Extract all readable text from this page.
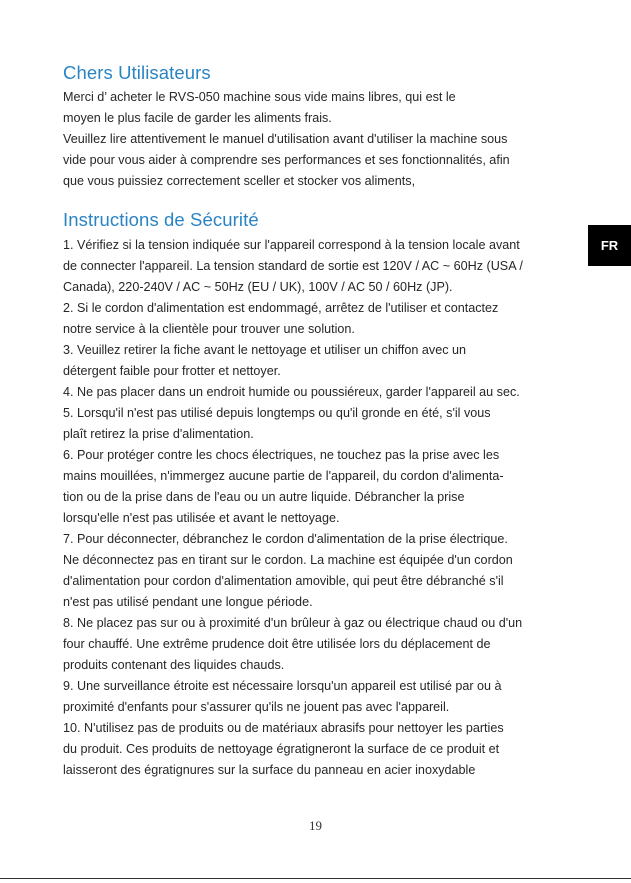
Chers Utilisateurs

Merci d’ acheter le RVS-050 machine sous vide mains libres, qui est le

moyen le plus facile de garder les aliments frais.

Veuillez lire attentivement le manuel d'utilisation avant d'utiliser la machine sous

vide pour vous aider à comprendre ses performances et ses fonctionnalités, afin

que vous puissiez correctement sceller et stocker vos aliments,

Instructions de Sécurité

1. Vérifiez si la tension indiquée sur l'appareil correspond à la tension locale avant

de connecter l'appareil. La tension standard de sortie est 120V / AC ~ 60Hz (USA /

Canada), 220-240V / AC ~ 50Hz (EU / UK), 100V / AC 50 / 60Hz (JP).

2. Si le cordon d'alimentation est endommagé, arrêtez de l'utiliser et contactez

notre service à la clientèle pour trouver une solution.

3. Veuillez retirer la fiche avant le nettoyage et utiliser un chiffon avec un

détergent faible pour frotter et nettoyer.

4. Ne pas placer dans un endroit humide ou poussiéreux, garder l'appareil au sec.

5. Lorsqu'il n'est pas utilisé depuis longtemps ou qu'il gronde en été, s'il vous

plaît retirez la prise d'alimentation.

6. Pour protéger contre les chocs électriques, ne touchez pas la prise avec les

mains mouillées, n'immergez aucune partie de l'appareil, du cordon d'alimenta-

tion ou de la prise dans de l'eau ou un autre liquide. Débrancher la prise

lorsqu'elle n'est pas utilisée et avant le nettoyage.

7. Pour déconnecter, débranchez le cordon d'alimentation de la prise électrique.

Ne déconnectez pas en tirant sur le cordon. La machine est équipée d'un cordon

d'alimentation pour cordon d'alimentation amovible, qui peut être débranché s'il

n'est pas utilisé pendant une longue période.

8. Ne placez pas sur ou à proximité d'un brûleur à gaz ou électrique chaud ou d'un

four chauffé. Une extrême prudence doit être utilisée lors du déplacement de

produits contenant des liquides chauds.

9. Une surveillance étroite est nécessaire lorsqu'un appareil est utilisé par ou à

proximité d'enfants pour s'assurer qu'ils ne jouent pas avec l'appareil.

10. N'utilisez pas de produits ou de matériaux abrasifs pour nettoyer les parties

du produit. Ces produits de nettoyage égratigneront la surface de ce produit et

laisseront des égratignures sur la surface du panneau en acier inoxydable

FR
19
